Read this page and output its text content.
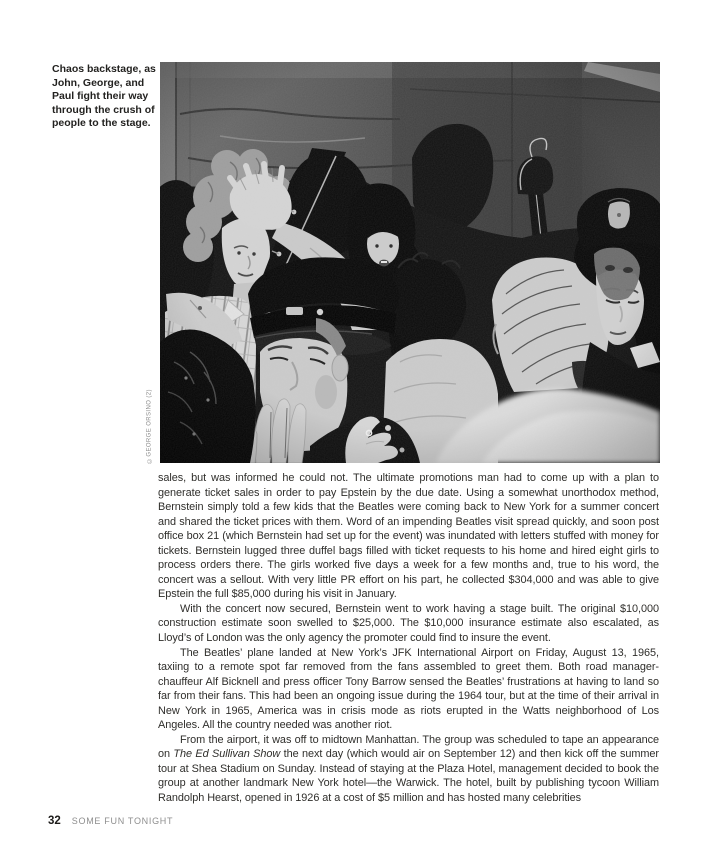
Chaos backstage, as
John, George, and
Paul fight their way
through the crush of
people to the stage.
©GEORGE ORSINO (2)

sales, but was informed he could not. The ultimate promotions man had to come up with a plan to generate ticket sales in order to pay Epstein by the due date. Using a somewhat unorthodox method, Bernstein simply told a few kids that the Beatles were coming back to New York for a summer concert and shared the ticket prices with them. Word of an impending Beatles visit spread quickly, and soon post office box 21 (which Bernstein had set up for the event) was inundated with letters stuffed with money for tickets. Bernstein lugged three duffel bags filled with ticket requests to his home and hired eight girls to process orders there. The girls worked five days a week for a few months and, true to his word, the concert was a sellout. With very little PR effort on his part, he collected $304,000 and was able to give Epstein the full $85,000 during his visit in January.

With the concert now secured, Bernstein went to work having a stage built. The original $10,000 construction estimate soon swelled to $25,000. The $10,000 insurance estimate also escalated, as Lloyd’s of London was the only agency the promoter could find to insure the event.

The Beatles’ plane landed at New York’s JFK International Airport on Friday, August 13, 1965, taxiing to a remote spot far removed from the fans assembled to greet them. Both road manager-chauffeur Alf Bicknell and press officer Tony Barrow sensed the Beatles’ frustrations at having to land so far from their fans. This had been an ongoing issue during the 1964 tour, but at the time of their arrival in New York in 1965, America was in crisis mode as riots erupted in the Watts neighborhood of Los Angeles. All the country needed was another riot.

From the airport, it was off to midtown Manhattan. The group was scheduled to tape an appearance on The Ed Sullivan Show the next day (which would air on September 12) and then kick off the summer tour at Shea Stadium on Sunday. Instead of staying at the Plaza Hotel, management decided to book the group at another landmark New York hotel—the Warwick. The hotel, built by publishing tycoon William Randolph Hearst, opened in 1926 at a cost of $5 million and has hosted many celebrities

32 SOME FUN TONIGHT
